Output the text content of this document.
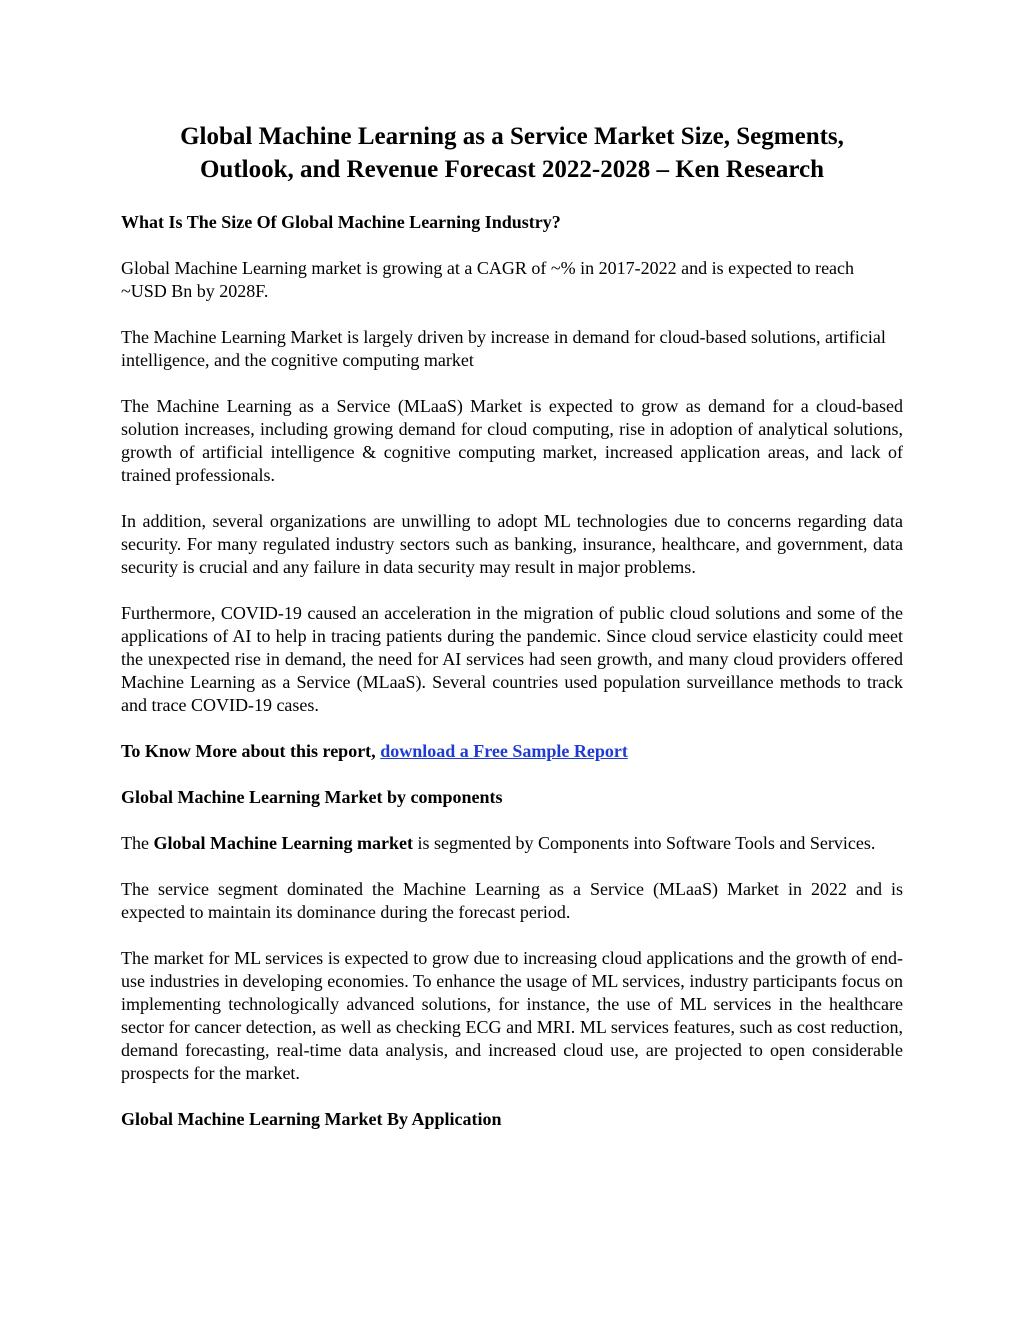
Global Machine Learning as a Service Market Size, Segments,
Outlook, and Revenue Forecast 2022-2028 – Ken Research
What Is The Size Of Global Machine Learning Industry?

Global Machine Learning market is growing at a CAGR of ~% in 2017-2022 and is expected to reach ~USD Bn by 2028F.

The Machine Learning Market is largely driven by increase in demand for cloud-based solutions, artificial intelligence, and the cognitive computing market

The Machine Learning as a Service (MLaaS) Market is expected to grow as demand for a cloud-based solution increases, including growing demand for cloud computing, rise in adoption of analytical solutions, growth of artificial intelligence & cognitive computing market, increased application areas, and lack of trained professionals.

In addition, several organizations are unwilling to adopt ML technologies due to concerns regarding data security. For many regulated industry sectors such as banking, insurance, healthcare, and government, data security is crucial and any failure in data security may result in major problems.

Furthermore, COVID-19 caused an acceleration in the migration of public cloud solutions and some of the applications of AI to help in tracing patients during the pandemic. Since cloud service elasticity could meet the unexpected rise in demand, the need for AI services had seen growth, and many cloud providers offered Machine Learning as a Service (MLaaS). Several countries used population surveillance methods to track and trace COVID-19 cases.

To Know More about this report, download a Free Sample Report
Global Machine Learning Market by components

The Global Machine Learning market is segmented by Components into Software Tools and Services.

The service segment dominated the Machine Learning as a Service (MLaaS) Market in 2022 and is expected to maintain its dominance during the forecast period.

The market for ML services is expected to grow due to increasing cloud applications and the growth of end-use industries in developing economies. To enhance the usage of ML services, industry participants focus on implementing technologically advanced solutions, for instance, the use of ML services in the healthcare sector for cancer detection, as well as checking ECG and MRI. ML services features, such as cost reduction, demand forecasting, real-time data analysis, and increased cloud use, are projected to open considerable prospects for the market.

Global Machine Learning Market By Application
